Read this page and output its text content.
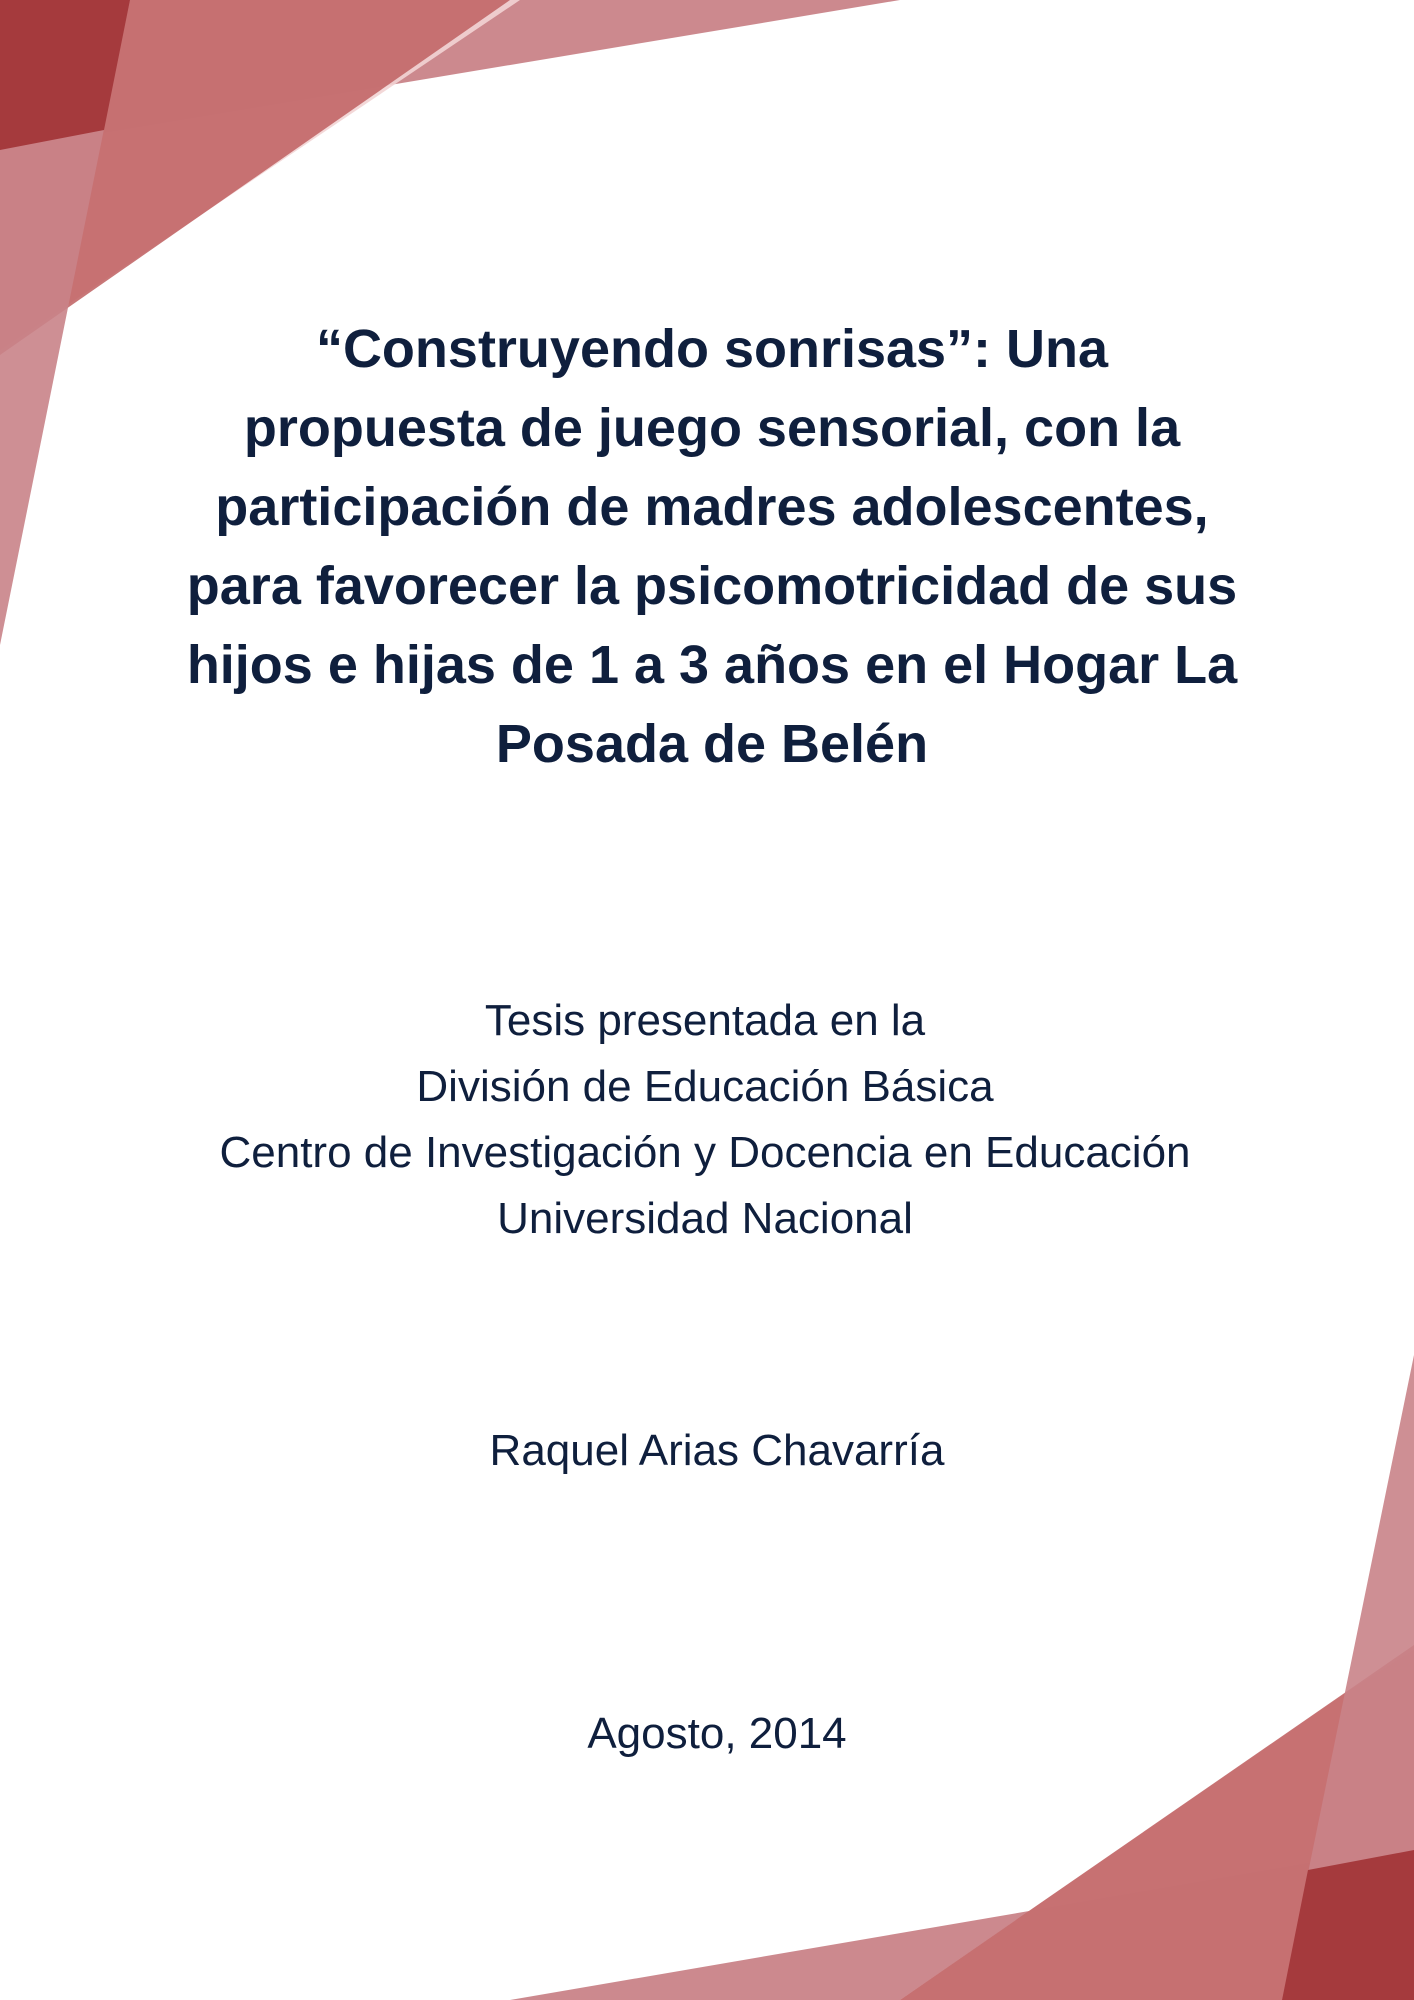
“Construyendo sonrisas”: Una
propuesta de juego sensorial, con la
participación de madres adolescentes,
para favorecer la psicomotricidad de sus
hijos e hijas de 1 a 3 años en el Hogar La
Posada de Belén
Tesis presentada en la
División de Educación Básica
Centro de Investigación y Docencia en Educación
Universidad Nacional
Raquel Arias Chavarría
Agosto, 2014
